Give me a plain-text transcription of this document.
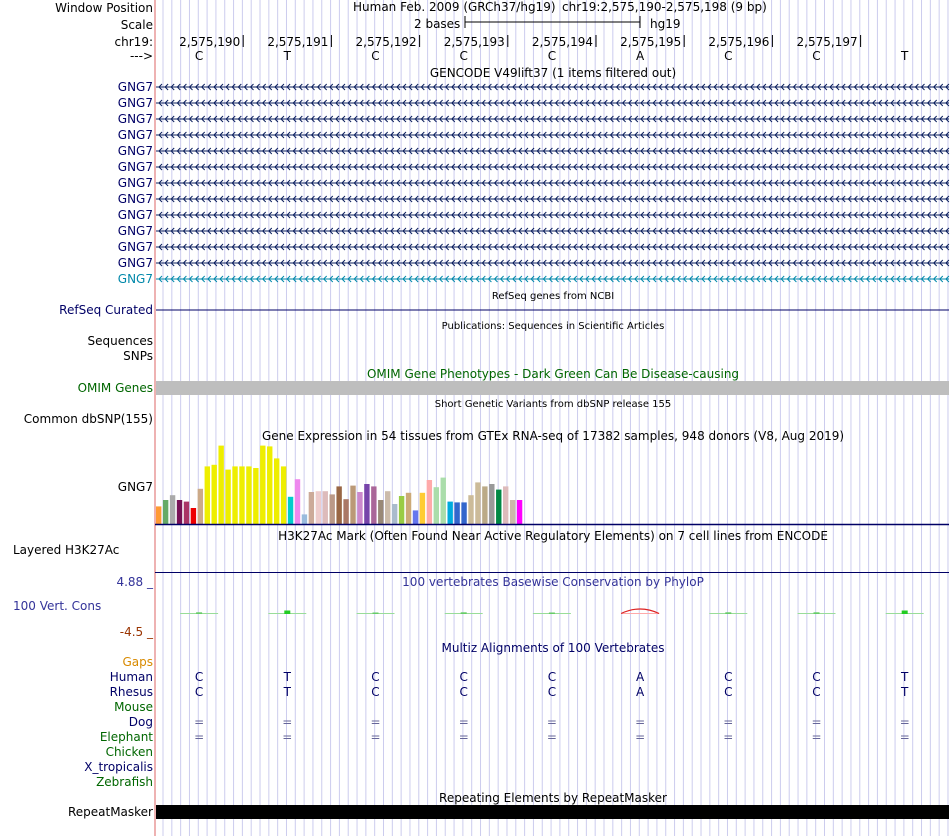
Window Position
Scale
chr19:
--->
Human Feb. 2009 (GRCh37/hg19) chr19:2,575,190-2,575,198 (9 bp)
2 bases	hg19
2,575,190 2,575,191 2,575,192 2,575,193 2,575,194 2,575,195 2,575,196 2,575,197
C	T	C	C	C	A	C	C	T
GENCODE V49lift37 (1 items filtered out)
GNG7
GNG7
GNG7
GNG7
GNG7
GNG7
GNG7
GNG7
GNG7
GNG7
GNG7
GNG7
GNG7
RefSeq genes from NCBI
RefSeq Curated
Publications: Sequences in Scientific Articles
Sequences
SNPs
OMIM Gene Phenotypes - Dark Green Can Be Disease-causing
OMIM Genes
Short Genetic Variants from dbSNP release 155
Common dbSNP(155)
Gene Expression in 54 tissues from GTEx RNA-seq of 17382 samples, 948 donors (V8, Aug 2019)
GNG7
H3K27Ac Mark (Often Found Near Active Regulatory Elements) on 7 cell lines from ENCODE
Layered H3K27Ac
100 vertebrates Basewise Conservation by PhyloP
4.88 _
100 Vert. Cons
-4.5 _
Multiz Alignments of 100 Vertebrates
Gaps
Human	C	T	C	C	C	A	C	C	T
Rhesus	C	T	C	C	C	A	C	C	T
Mouse
Dog	=	=	=	=	=	=	=	=	=
Elephant	=	=	=	=	=	=	=	=	=
Chicken
X_tropicalis
Zebrafish
Repeating Elements by RepeatMasker
RepeatMasker
